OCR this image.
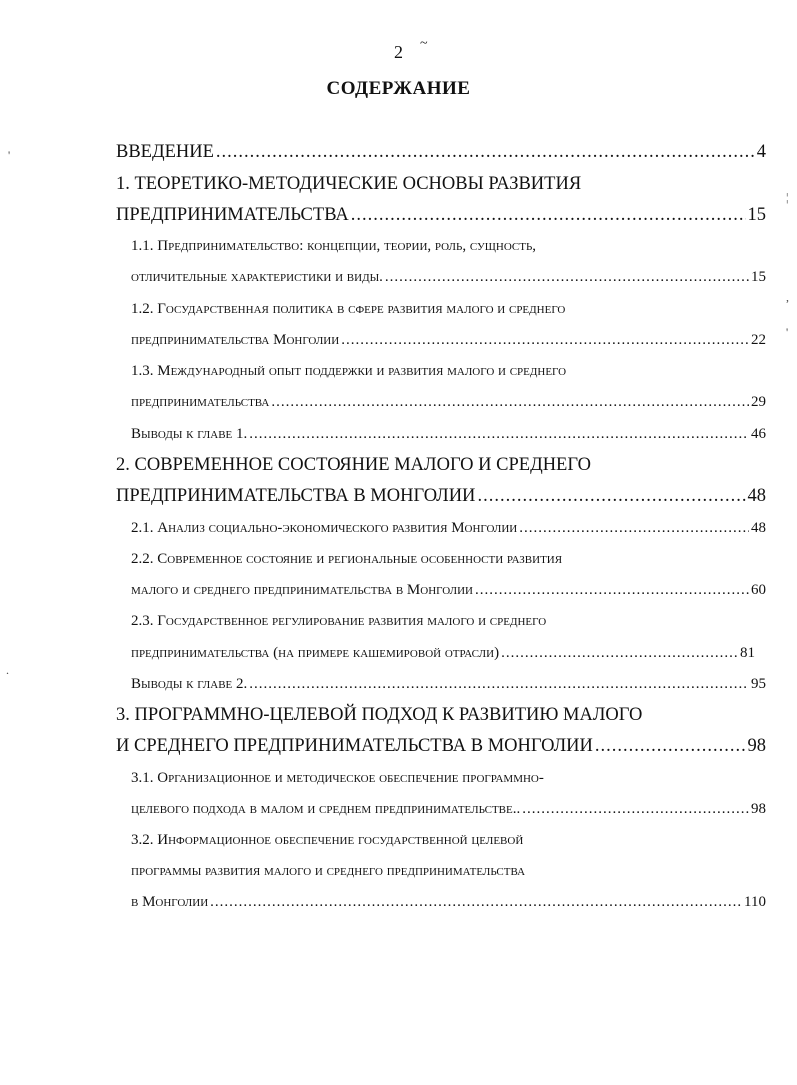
~
2
СОДЕРЖАНИЕ
'
¦
,
'
.
ВВЕДЕНИЕ .....	4
1. ТЕОРЕТИКО-МЕТОДИЧЕСКИЕ ОСНОВЫ РАЗВИТИЯ
ПРЕДПРИНИМАТЕЛЬСТВА .....	15
1.1. Предпринимательство: концепции, теории, роль, сущность,
отличительные характеристики и виды. .....	15
1.2. Государственная политика в сфере развития малого и среднего
предпринимательства Монголии .....	22
1.3. Международный опыт поддержки и развития малого и среднего
предпринимательства .....	29
Выводы к главе 1. .....	46
2. СОВРЕМЕННОЕ СОСТОЯНИЕ МАЛОГО И СРЕДНЕГО
ПРЕДПРИНИМАТЕЛЬСТВА В МОНГОЛИИ .....	48
2.1. Анализ социально-экономического развития Монголии .....	48
2.2. Современное состояние и региональные особенности развития
малого и среднего предпринимательства в Монголии .....	60
2.3. Государственное регулирование развития малого и среднего
предпринимательства (на примере кашемировой отрасли) .....	81
Выводы к главе 2. .....	95
3. ПРОГРАММНО-ЦЕЛЕВОЙ ПОДХОД К РАЗВИТИЮ МАЛОГО
И СРЕДНЕГО ПРЕДПРИНИМАТЕЛЬСТВА В МОНГОЛИИ .....	98
3.1. Организационное и методическое обеспечение программно-
целевого подхода в малом и среднем предпринимательстве.. .....	98
3.2. Информационное обеспечение государственной целевой
программы развития малого и среднего предпринимательства
в Монголии .....	110
